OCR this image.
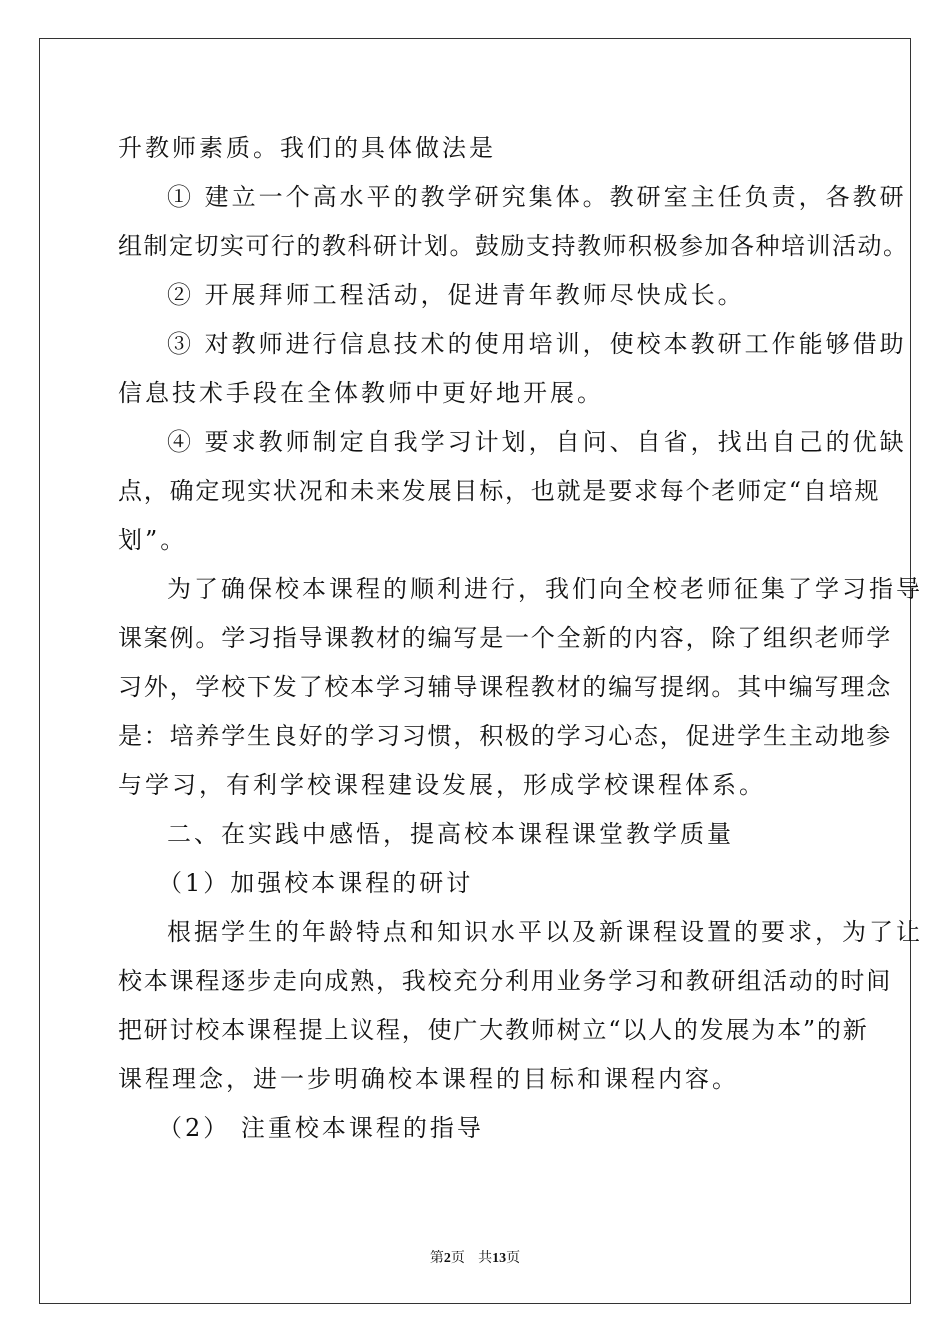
升教师素质。我们的具体做法是

① 建立一个高水平的教学研究集体。教研室主任负责，各教研

组制定切实可行的教科研计划。鼓励支持教师积极参加各种培训活动。

② 开展拜师工程活动，促进青年教师尽快成长。

③ 对教师进行信息技术的使用培训，使校本教研工作能够借助

信息技术手段在全体教师中更好地开展。

④ 要求教师制定自我学习计划，自问、自省，找出自己的优缺

点，确定现实状况和未来发展目标，也就是要求每个老师定“自培规

划”。

为了确保校本课程的顺利进行，我们向全校老师征集了学习指导

课案例。学习指导课教材的编写是一个全新的内容，除了组织老师学

习外，学校下发了校本学习辅导课程教材的编写提纲。其中编写理念

是：培养学生良好的学习习惯，积极的学习心态，促进学生主动地参

与学习，有利学校课程建设发展，形成学校课程体系。

二、在实践中感悟，提高校本课程课堂教学质量

（1）加强校本课程的研讨

根据学生的年龄特点和知识水平以及新课程设置的要求，为了让

校本课程逐步走向成熟，我校充分利用业务学习和教研组活动的时间

把研讨校本课程提上议程，使广大教师树立“以人的发展为本”的新

课程理念，进一步明确校本课程的目标和课程内容。

（2） 注重校本课程的指导

第2页 共13页
